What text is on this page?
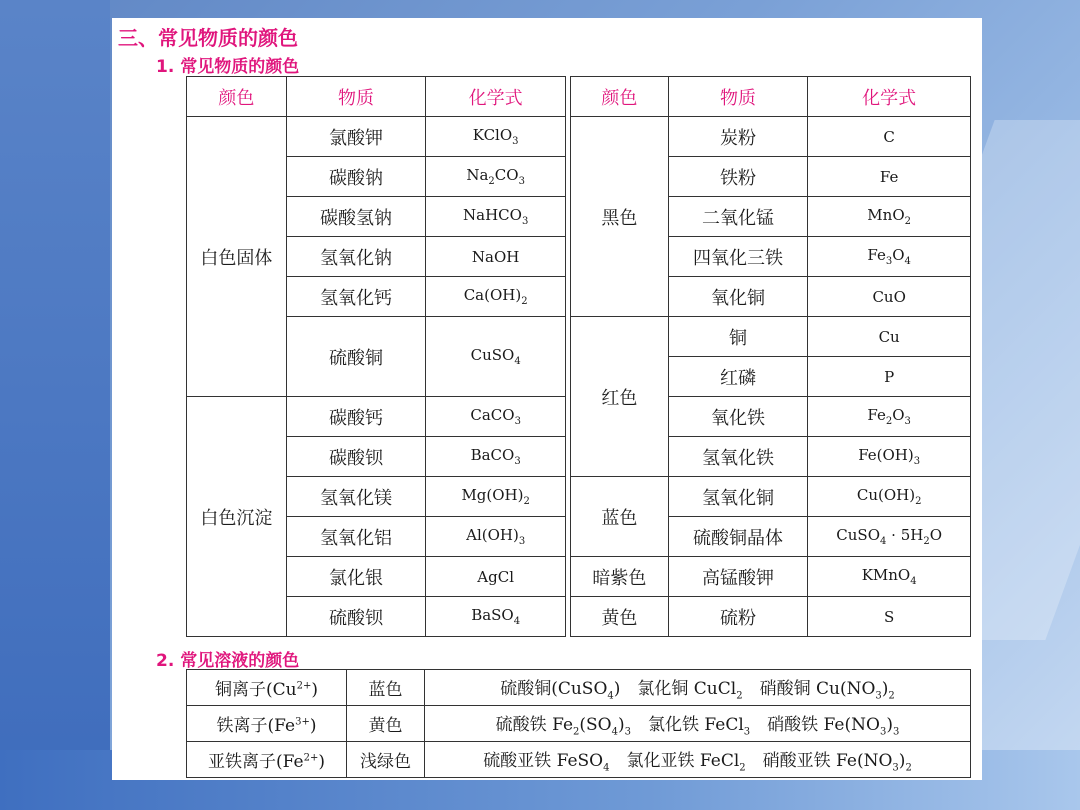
三、常见物质的颜色
1. 常见物质的颜色
颜色	物质	化学式		颜色	物质	化学式
白色固体	氯酸钾	KClO$_3$		黑色	炭粉	C
	碳酸钠	$Na_2CO_3$			铁粉	Fe
	碳酸氢钠	NaHCO$_3$			二氧化锰	MnO$_2$
	氢氧化钠	NaOH			四氧化三铁	$Fe_3O_4$
	氢氧化钙	$Ca(OH)_2$			氧化铜	CuO
	硫酸铜	CuSO$_4$		红色	铜	Cu
					红磷	P
白色沉淀	碳酸钙	CaCO$_3$			氧化铁	$Fe_2O_3$
	碳酸钡	BaCO$_3$			氢氧化铁	$Fe(OH)_3$
	氢氧化镁	$Mg(OH)_2$		蓝色	氢氧化铜	$Cu(OH)_2$
	氢氧化铝	$Al(OH)_3$			硫酸铜晶体	CuSO$_4$ · $5H_2O$
	氯化银	AgCl		暗紫色	高锰酸钾	KMnO$_4$
	硫酸钡	BaSO$_4$		黄色	硫粉	S
2. 常见溶液的颜色
铜离子$(Cu^{2+})$	蓝色	硫酸铜(CuSO$_4$)　氯化铜 CuCl$_2$　硝酸铜 $Cu(NO_3)_2$
铁离子$(Fe^{3+})$	黄色	硫酸铁 $Fe_2(SO_4)_3$　氯化铁 FeCl$_3$　硝酸铁 $Fe(NO_3)_3$
亚铁离子$(Fe^{2+})$	浅绿色	硫酸亚铁 FeSO$_4$　氯化亚铁 FeCl$_2$　硝酸亚铁 $Fe(NO_3)_2$
